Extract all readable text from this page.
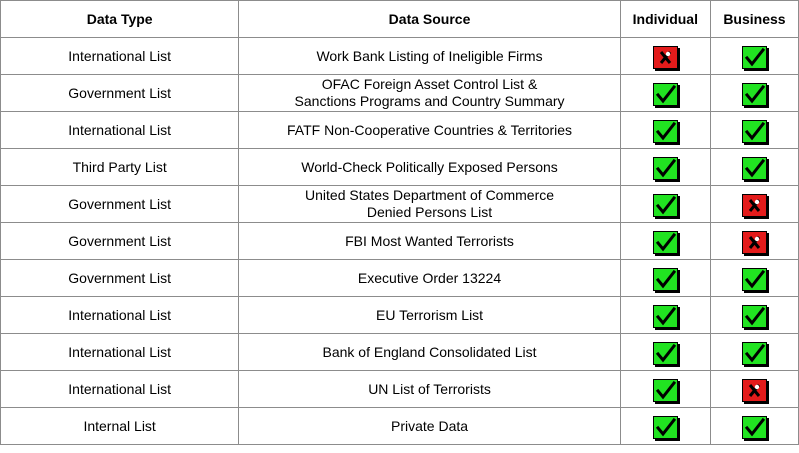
Data Type	Data Source	Individual	Business
International List	Work Bank Listing of Ineligible Firms

Government List	OFAC Foreign Asset Control List &
Sanctions Programs and Country Summary

International List	FATF Non-Cooperative Countries & Territories

Third Party List	World-Check Politically Exposed Persons

Government List	United States Department of Commerce
Denied Persons List

Government List	FBI Most Wanted Terrorists

Government List	Executive Order 13224

International List	EU Terrorism List

International List	Bank of England Consolidated List

International List	UN List of Terrorists

Internal List	Private Data
